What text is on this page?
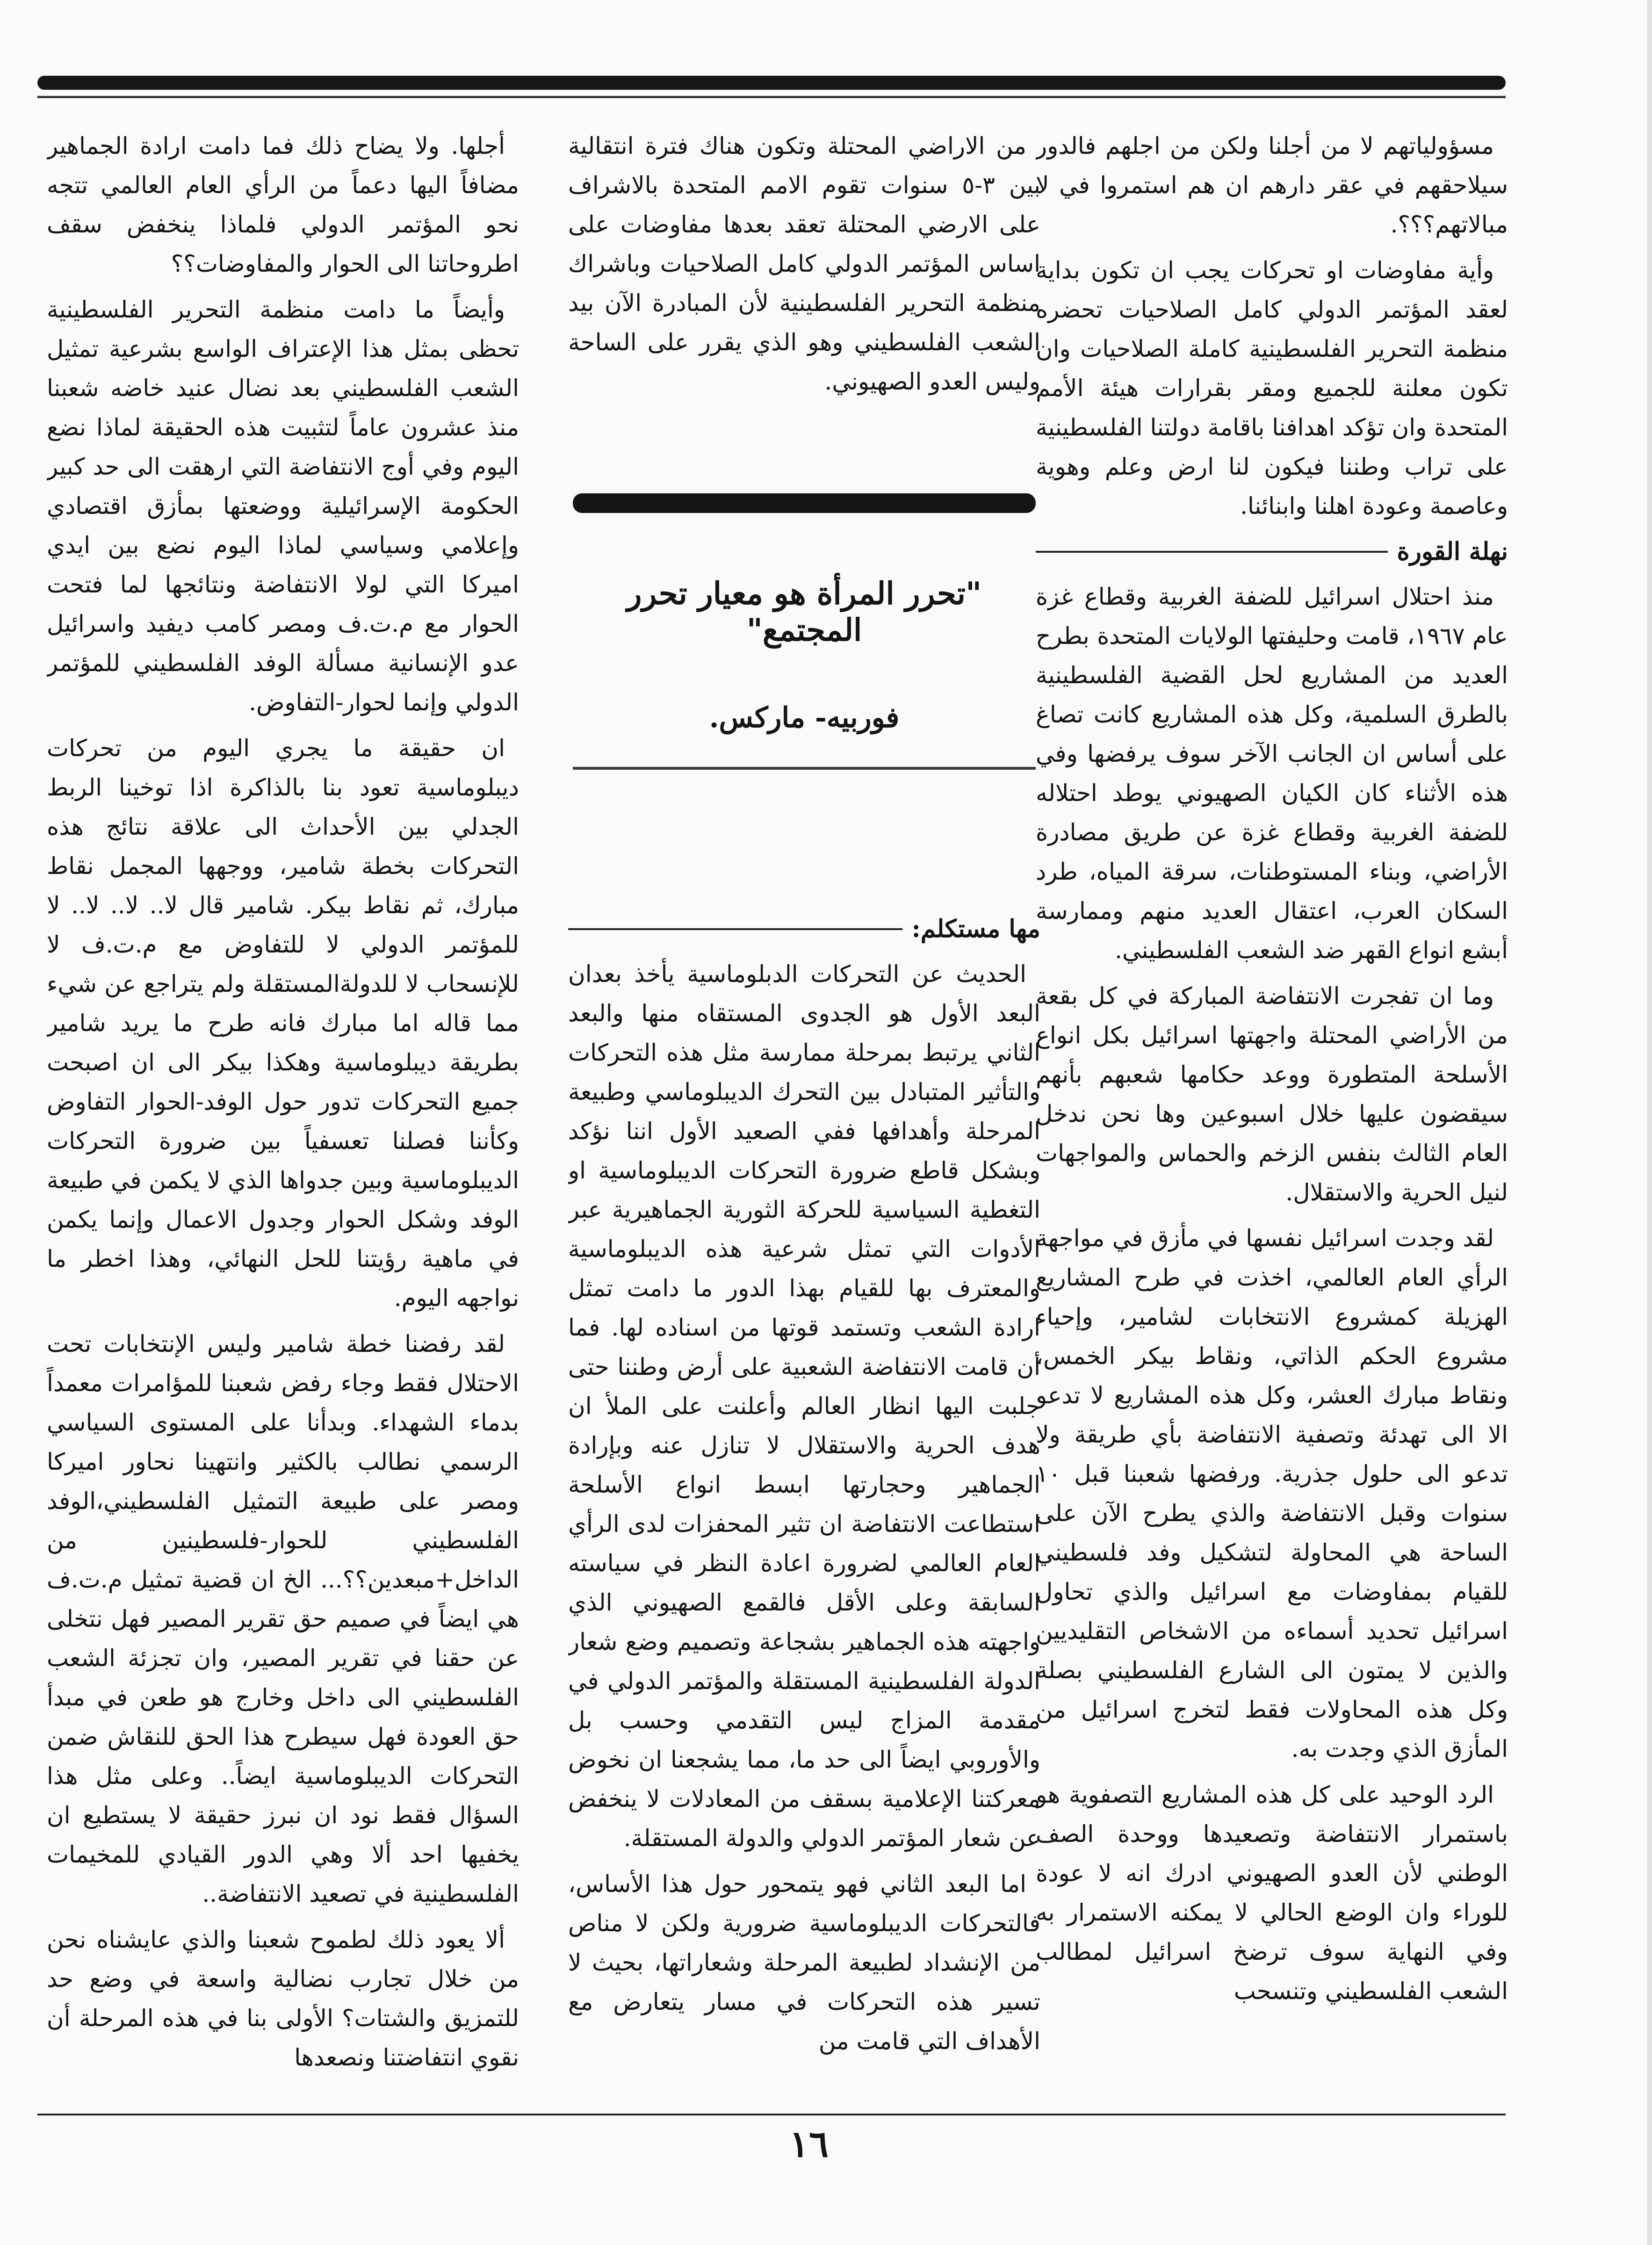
مسؤولياتهم لا من أجلنا ولكن من اجلهم فالدور سيلاحقهم في عقر دارهم ان هم استمروا في لا مبالاتهم؟؟؟.

وأية مفاوضات او تحركات يجب ان تكون بداية لعقد المؤتمر الدولي كامل الصلاحيات تحضره منظمة التحرير الفلسطينية كاملة الصلاحيات وان تكون معلنة للجميع ومقر بقرارات هيئة الأمم المتحدة وان تؤكد اهدافنا باقامة دولتنا الفلسطينية على تراب وطننا فيكون لنا ارض وعلم وهوية وعاصمة وعودة اهلنا وابنائنا.

نهلة القورة

منذ احتلال اسرائيل للضفة الغربية وقطاع غزة عام ١٩٦٧، قامت وحليفتها الولايات المتحدة بطرح العديد من المشاريع لحل القضية الفلسطينية بالطرق السلمية، وكل هذه المشاريع كانت تصاغ على أساس ان الجانب الآخر سوف يرفضها وفي هذه الأثناء كان الكيان الصهيوني يوطد احتلاله للضفة الغربية وقطاع غزة عن طريق مصادرة الأراضي، وبناء المستوطنات، سرقة المياه، طرد السكان العرب، اعتقال العديد منهم وممارسة أبشع انواع القهر ضد الشعب الفلسطيني.

وما ان تفجرت الانتفاضة المباركة في كل بقعة من الأراضي المحتلة واجهتها اسرائيل بكل انواع الأسلحة المتطورة ووعد حكامها شعبهم بأنهم سيقضون عليها خلال اسبوعين وها نحن ندخل العام الثالث بنفس الزخم والحماس والمواجهات لنيل الحرية والاستقلال.

لقد وجدت اسرائيل نفسها في مأزق في مواجهة الرأي العام العالمي، اخذت في طرح المشاريع الهزيلة كمشروع الانتخابات لشامير، وإحياء مشروع الحكم الذاتي، ونقاط بيكر الخمس، ونقاط مبارك العشر، وكل هذه المشاريع لا تدعو الا الى تهدئة وتصفية الانتفاضة بأي طريقة ولا تدعو الى حلول جذرية. ورفضها شعبنا قبل ١٠ سنوات وقبل الانتفاضة والذي يطرح الآن على الساحة هي المحاولة لتشكيل وفد فلسطيني للقيام بمفاوضات مع اسرائيل والذي تحاول اسرائيل تحديد أسماءه من الاشخاص التقليديين والذين لا يمتون الى الشارع الفلسطيني بصلة وكل هذه المحاولات فقط لتخرج اسرائيل من المأزق الذي وجدت به.

الرد الوحيد على كل هذه المشاريع التصفوية هو باستمرار الانتفاضة وتصعيدها ووحدة الصف الوطني لأن العدو الصهيوني ادرك انه لا عودة للوراء وان الوضع الحالي لا يمكنه الاستمرار به وفي النهاية سوف ترضخ اسرائيل لمطالب الشعب الفلسطيني وتنسحب

من الاراضي المحتلة وتكون هناك فترة انتقالية بين ٣-٥ سنوات تقوم الامم المتحدة بالاشراف على الارضي المحتلة تعقد بعدها مفاوضات على اساس المؤتمر الدولي كامل الصلاحيات وباشراك منظمة التحرير الفلسطينية لأن المبادرة الآن بيد الشعب الفلسطيني وهو الذي يقرر على الساحة وليس العدو الصهيوني.

"تحرر المرأة هو معيار تحرر المجتمع"
فوربيه- ماركس.
مها مستكلم:

الحديث عن التحركات الدبلوماسية يأخذ بعدان البعد الأول هو الجدوى المستقاه منها والبعد الثاني يرتبط بمرحلة ممارسة مثل هذه التحركات والتأثير المتبادل بين التحرك الديبلوماسي وطبيعة المرحلة وأهدافها ففي الصعيد الأول اننا نؤكد وبشكل قاطع ضرورة التحركات الديبلوماسية او التغطية السياسية للحركة الثورية الجماهيرية عبر الأدوات التي تمثل شرعية هذه الديبلوماسية والمعترف بها للقيام بهذا الدور ما دامت تمثل ارادة الشعب وتستمد قوتها من اسناده لها. فما أن قامت الانتفاضة الشعبية على أرض وطننا حتى جلبت اليها انظار العالم وأعلنت على الملأ ان هدف الحرية والاستقلال لا تنازل عنه وبإرادة الجماهير وحجارتها ابسط انواع الأسلحة استطاعت الانتفاضة ان تثير المحفزات لدى الرأي العام العالمي لضرورة اعادة النظر في سياسته السابقة وعلى الأقل فالقمع الصهيوني الذي واجهته هذه الجماهير بشجاعة وتصميم وضع شعار الدولة الفلسطينية المستقلة والمؤتمر الدولي في مقدمة المزاج ليس التقدمي وحسب بل والأوروبي ايضاً الى حد ما، مما يشجعنا ان نخوض معركتنا الإعلامية بسقف من المعادلات لا ينخفض عن شعار المؤتمر الدولي والدولة المستقلة.

اما البعد الثاني فهو يتمحور حول هذا الأساس، فالتحركات الديبلوماسية ضرورية ولكن لا مناص من الإنشداد لطبيعة المرحلة وشعاراتها، بحيث لا تسير هذه التحركات في مسار يتعارض مع الأهداف التي قامت من

أجلها. ولا يضاح ذلك فما دامت ارادة الجماهير مضافاً اليها دعماً من الرأي العام العالمي تتجه نحو المؤتمر الدولي فلماذا ينخفض سقف اطروحاتنا الى الحوار والمفاوضات؟؟

وأيضاً ما دامت منظمة التحرير الفلسطينية تحظى بمثل هذا الإعتراف الواسع بشرعية تمثيل الشعب الفلسطيني بعد نضال عنيد خاضه شعبنا منذ عشرون عاماً لتثبيت هذه الحقيقة لماذا نضع اليوم وفي أوج الانتفاضة التي ارهقت الى حد كبير الحكومة الإسرائيلية ووضعتها بمأزق اقتصادي وإعلامي وسياسي لماذا اليوم نضع بين ايدي اميركا التي لولا الانتفاضة ونتائجها لما فتحت الحوار مع م.ت.ف ومصر كامب ديفيد واسرائيل عدو الإنسانية مسألة الوفد الفلسطيني للمؤتمر الدولي وإنما لحوار-التفاوض.

ان حقيقة ما يجري اليوم من تحركات ديبلوماسية تعود بنا بالذاكرة اذا توخينا الربط الجدلي بين الأحداث الى علاقة نتائج هذه التحركات بخطة شامير، ووجهها المجمل نقاط مبارك، ثم نقاط بيكر. شامير قال لا.. لا.. لا.. لا للمؤتمر الدولي لا للتفاوض مع م.ت.ف لا للإنسحاب لا للدولةالمستقلة ولم يتراجع عن شيء مما قاله اما مبارك فانه طرح ما يريد شامير بطريقة ديبلوماسية وهكذا بيكر الى ان اصبحت جميع التحركات تدور حول الوفد-الحوار التفاوض وكأننا فصلنا تعسفياً بين ضرورة التحركات الديبلوماسية وبين جدواها الذي لا يكمن في طبيعة الوفد وشكل الحوار وجدول الاعمال وإنما يكمن في ماهية رؤيتنا للحل النهائي، وهذا اخطر ما نواجهه اليوم.

لقد رفضنا خطة شامير وليس الإنتخابات تحت الاحتلال فقط وجاء رفض شعبنا للمؤامرات معمداً بدماء الشهداء. وبدأنا على المستوى السياسي الرسمي نطالب بالكثير وانتهينا نحاور اميركا ومصر على طبيعة التمثيل الفلسطيني،الوفد الفلسطيني للحوار-فلسطينين من الداخل+مبعدين؟؟... الخ ان قضية تمثيل م.ت.ف هي ايضاً في صميم حق تقرير المصير فهل نتخلى عن حقنا في تقرير المصير، وان تجزئة الشعب الفلسطيني الى داخل وخارج هو طعن في مبدأ حق العودة فهل سيطرح هذا الحق للنقاش ضمن التحركات الديبلوماسية ايضاً.. وعلى مثل هذا السؤال فقط نود ان نبرز حقيقة لا يستطيع ان يخفيها احد ألا وهي الدور القيادي للمخيمات الفلسطينية في تصعيد الانتفاضة..

ألا يعود ذلك لطموح شعبنا والذي عايشناه نحن من خلال تجارب نضالية واسعة في وضع حد للتمزيق والشتات؟ الأولى بنا في هذه المرحلة أن نقوي انتفاضتنا ونصعدها

١٦
